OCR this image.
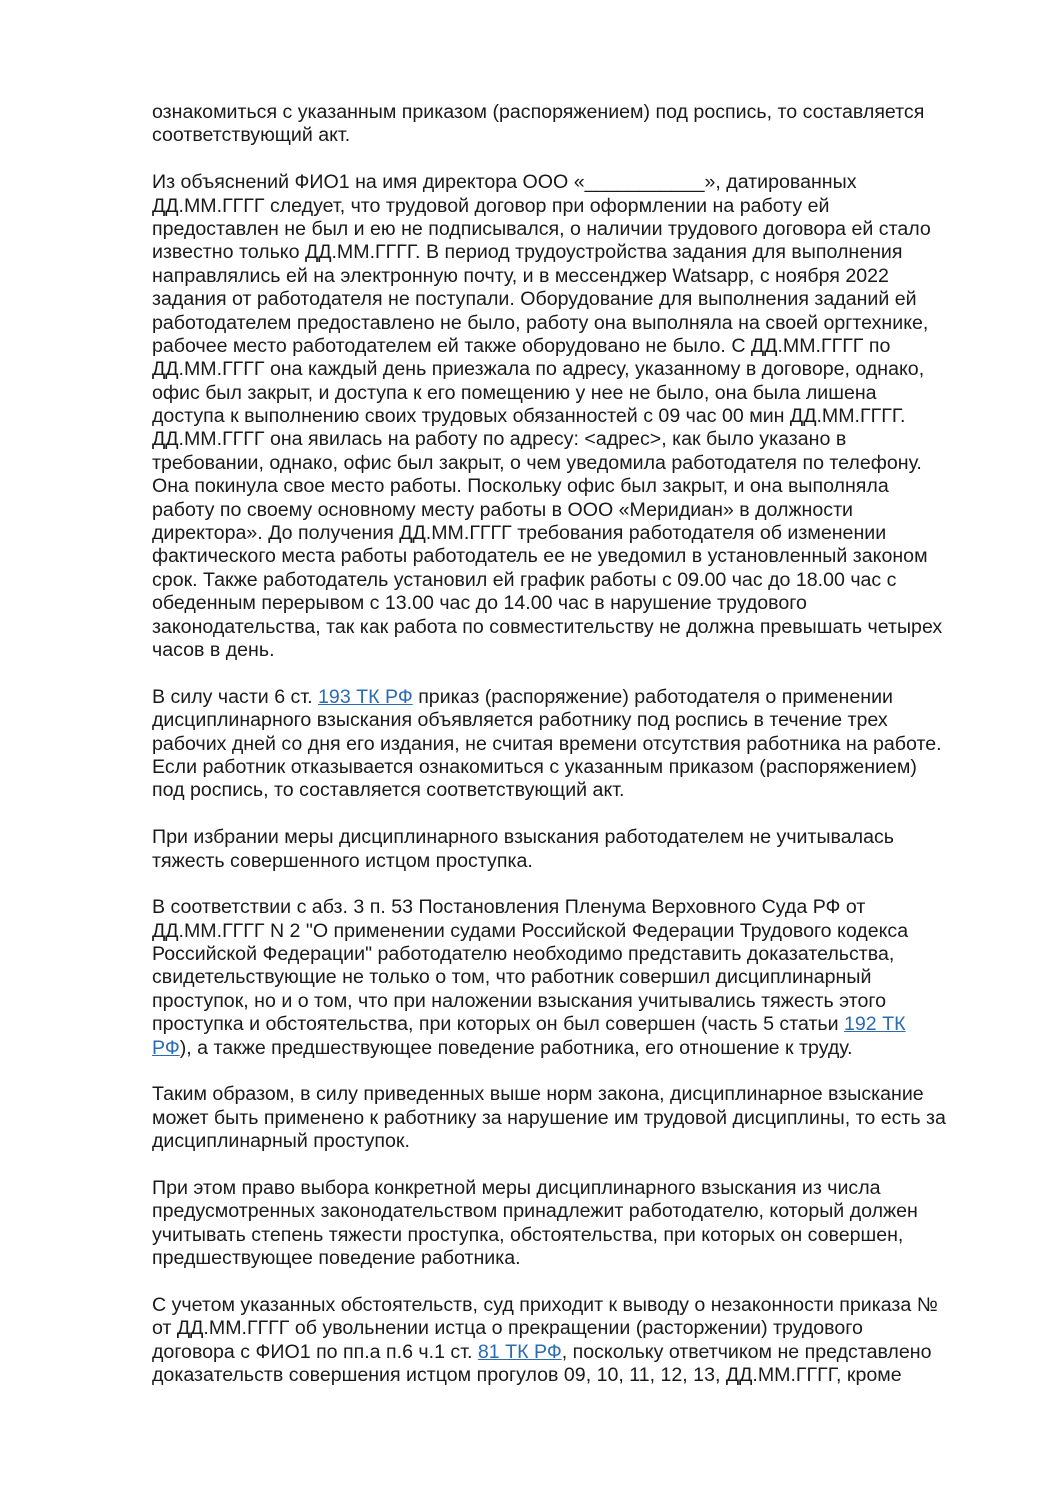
ознакомиться с указанным приказом (распоряжением) под роспись, то составляется
соответствующий акт.

Из объяснений ФИО1 на имя директора ООО «___________», датированных
ДД.ММ.ГГГГ следует, что трудовой договор при оформлении на работу ей
предоставлен не был и ею не подписывался, о наличии трудового договора ей стало
известно только ДД.ММ.ГГГГ. В период трудоустройства задания для выполнения
направлялись ей на электронную почту, и в мессенджер Watsapp, с ноября 2022
задания от работодателя не поступали. Оборудование для выполнения заданий ей
работодателем предоставлено не было, работу она выполняла на своей оргтехнике,
рабочее место работодателем ей также оборудовано не было. С ДД.ММ.ГГГГ по
ДД.ММ.ГГГГ она каждый день приезжала по адресу, указанному в договоре, однако,
офис был закрыт, и доступа к его помещению у нее не было, она была лишена
доступа к выполнению своих трудовых обязанностей с 09 час 00 мин ДД.ММ.ГГГГ.
ДД.ММ.ГГГГ она явилась на работу по адресу: <адрес>, как было указано в
требовании, однако, офис был закрыт, о чем уведомила работодателя по телефону.
Она покинула свое место работы. Поскольку офис был закрыт, и она выполняла
работу по своему основному месту работы в ООО «Меридиан» в должности
директора». До получения ДД.ММ.ГГГГ требования работодателя об изменении
фактического места работы работодатель ее не уведомил в установленный законом
срок. Также работодатель установил ей график работы с 09.00 час до 18.00 час с
обеденным перерывом с 13.00 час до 14.00 час в нарушение трудового
законодательства, так как работа по совместительству не должна превышать четырех
часов в день.

В силу части 6 ст. 193 ТК РФ приказ (распоряжение) работодателя о применении
дисциплинарного взыскания объявляется работнику под роспись в течение трех
рабочих дней со дня его издания, не считая времени отсутствия работника на работе.
Если работник отказывается ознакомиться с указанным приказом (распоряжением)
под роспись, то составляется соответствующий акт.

При избрании меры дисциплинарного взыскания работодателем не учитывалась
тяжесть совершенного истцом проступка.

В соответствии с абз. 3 п. 53 Постановления Пленума Верховного Суда РФ от
ДД.ММ.ГГГГ N 2 "О применении судами Российской Федерации Трудового кодекса
Российской Федерации" работодателю необходимо представить доказательства,
свидетельствующие не только о том, что работник совершил дисциплинарный
проступок, но и о том, что при наложении взыскания учитывались тяжесть этого
проступка и обстоятельства, при которых он был совершен (часть 5 статьи 192 ТК
РФ), а также предшествующее поведение работника, его отношение к труду.

Таким образом, в силу приведенных выше норм закона, дисциплинарное взыскание
может быть применено к работнику за нарушение им трудовой дисциплины, то есть за
дисциплинарный проступок.

При этом право выбора конкретной меры дисциплинарного взыскания из числа
предусмотренных законодательством принадлежит работодателю, который должен
учитывать степень тяжести проступка, обстоятельства, при которых он совершен,
предшествующее поведение работника.

С учетом указанных обстоятельств, суд приходит к выводу о незаконности приказа №
от ДД.ММ.ГГГГ об увольнении истца о прекращении (расторжении) трудового
договора с ФИО1 по пп.а п.6 ч.1 ст. 81 ТК РФ, поскольку ответчиком не представлено
доказательств совершения истцом прогулов 09, 10, 11, 12, 13, ДД.ММ.ГГГГ, кроме
